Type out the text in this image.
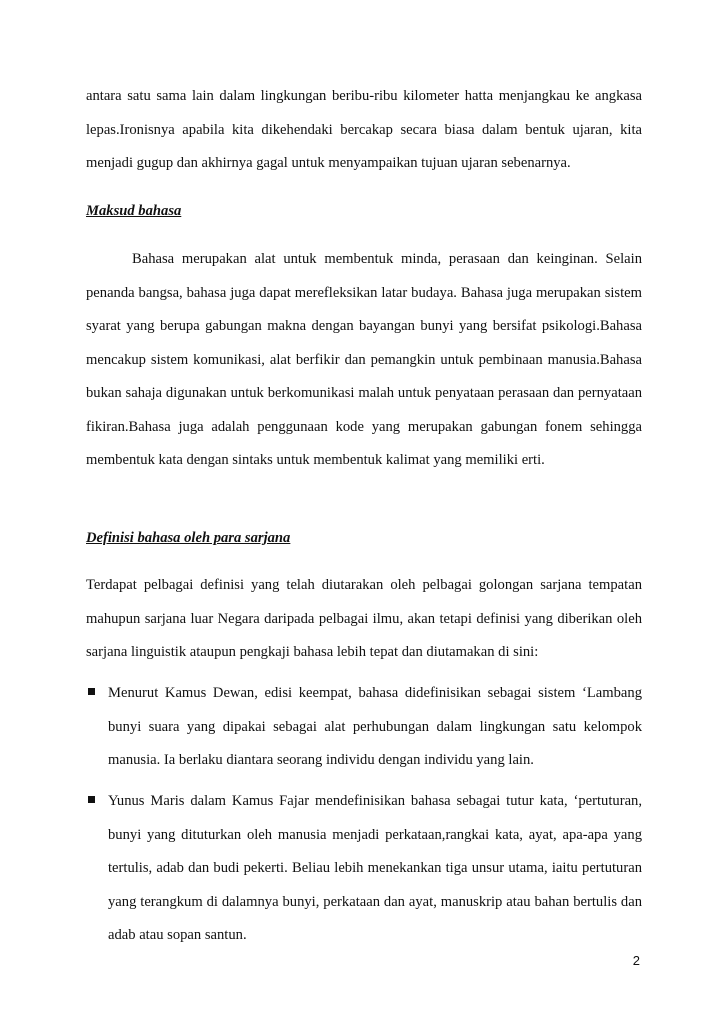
antara satu sama lain dalam lingkungan beribu-ribu kilometer hatta menjangkau ke angkasa lepas.Ironisnya apabila kita dikehendaki bercakap secara biasa dalam bentuk ujaran, kita menjadi gugup dan akhirnya gagal untuk menyampaikan tujuan ujaran sebenarnya.

Maksud bahasa

Bahasa merupakan alat untuk membentuk minda, perasaan dan keinginan. Selain penanda bangsa, bahasa juga dapat merefleksikan latar budaya. Bahasa juga merupakan sistem syarat yang berupa gabungan makna dengan bayangan bunyi yang bersifat psikologi.Bahasa mencakup sistem komunikasi, alat berfikir dan pemangkin untuk pembinaan manusia.Bahasa bukan sahaja digunakan untuk berkomunikasi malah untuk penyataan perasaan dan pernyataan fikiran.Bahasa juga adalah penggunaan kode yang merupakan gabungan fonem sehingga membentuk kata dengan sintaks untuk membentuk kalimat yang memiliki erti.

Definisi bahasa oleh para sarjana

Terdapat pelbagai definisi yang telah diutarakan oleh pelbagai golongan sarjana tempatan mahupun sarjana luar Negara daripada pelbagai ilmu, akan tetapi definisi yang diberikan oleh sarjana linguistik ataupun pengkaji bahasa lebih tepat dan diutamakan di sini:

Menurut Kamus Dewan, edisi keempat, bahasa didefinisikan sebagai sistem ‘Lambang bunyi suara yang dipakai sebagai alat perhubungan dalam lingkungan satu kelompok manusia. Ia berlaku diantara seorang individu dengan individu yang lain.

Yunus Maris dalam Kamus Fajar mendefinisikan bahasa sebagai tutur kata, ‘pertuturan, bunyi yang dituturkan oleh manusia menjadi perkataan,rangkai kata, ayat, apa-apa yang tertulis, adab dan budi pekerti. Beliau lebih menekankan tiga unsur utama, iaitu pertuturan yang terangkum di dalamnya bunyi, perkataan dan ayat, manuskrip atau bahan bertulis dan adab atau sopan santun.

2
